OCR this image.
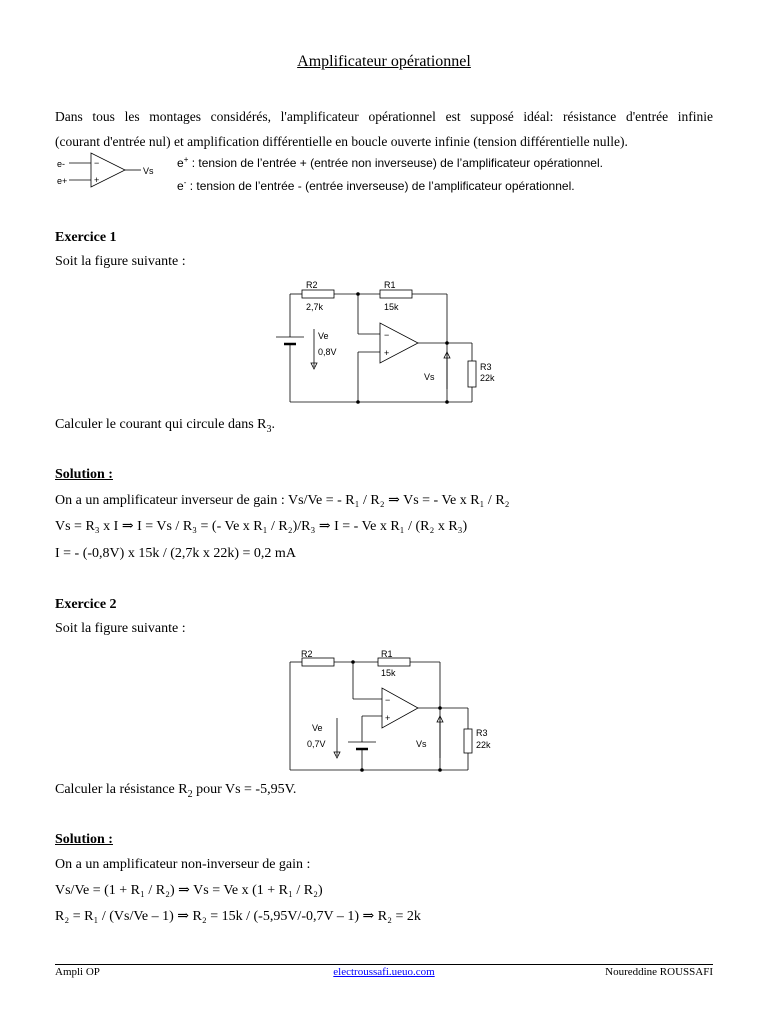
Amplificateur opérationnel
Dans tous les montages considérés, l'amplificateur opérationnel est supposé idéal: résistance d'entrée infinie
(courant d'entrée nul) et amplification différentielle en boucle ouverte infinie (tension différentielle nulle).
e-
e+
−
+
Vs
e+ : tension de l’entrée + (entrée non inverseuse) de l’amplificateur opérationnel.
e- : tension de l’entrée - (entrée inverseuse) de l’amplificateur opérationnel.
Exercice 1
Soit la figure suivante :
R2
2,7k
R1
15k
Ve
0,8V
−
+
Vs
R3
22k
Calculer le courant qui circule dans $R_3$.
Solution :
On a un amplificateur inverseur de gain : Vs/Ve = - R₁ / R₂ ⇒ Vs = - Ve x R₁ / R₂
Vs = R₃ x I ⇒ I = Vs / R₃ = (- Ve x R₁ / R₂)/R₃ ⇒ I = - Ve x R₁ / (R₂ x R₃)
I = - (-0,8V) x 15k / (2,7k x 22k) = 0,2 mA
Exercice 2
Soit la figure suivante :
R2	R1
15k
Ve
0,7V
−
+
Vs
R3
22k
Calculer la résistance $R_2$ pour Vs = -5,95V.
Solution :
On a un amplificateur non-inverseur de gain :
Vs/Ve = (1 + R₁ / R₂) ⇒ Vs = Ve x (1 + R₁ / R₂)
R₂ = R₁ / (Vs/Ve – 1) ⇒ R₂ = 15k / (-5,95V/-0,7V – 1) ⇒ R₂ = 2k
Ampli OP	electroussafi.ueuo.com	Noureddine ROUSSAFI
